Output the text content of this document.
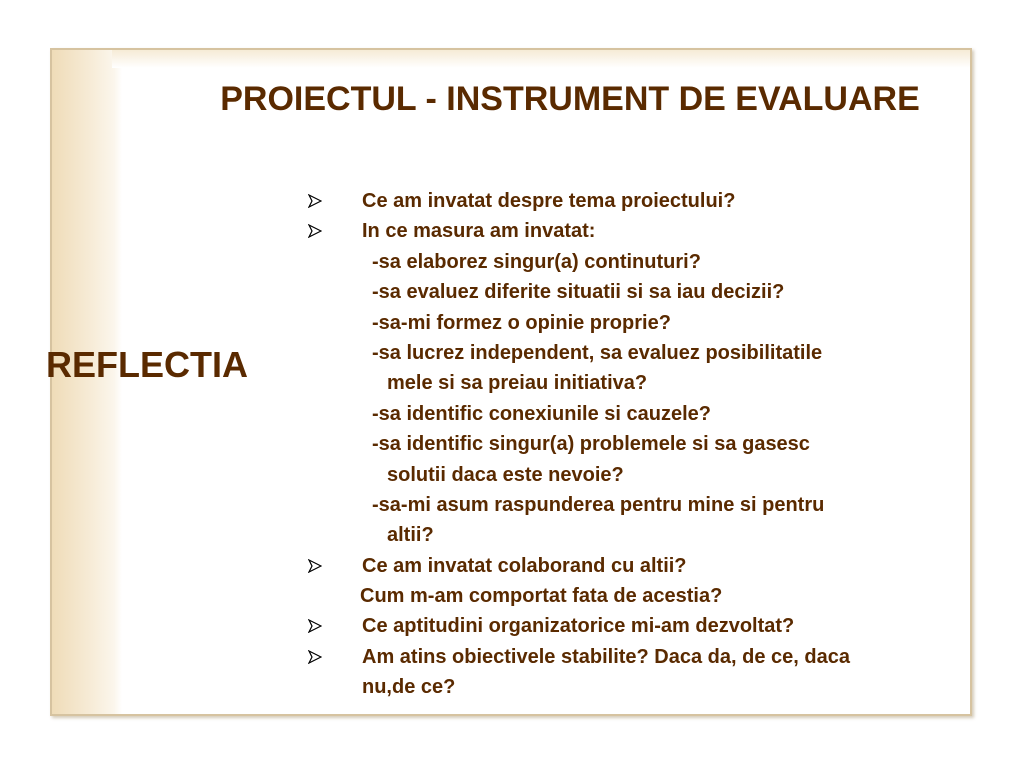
PROIECTUL - INSTRUMENT DE EVALUARE

REFLECTIA

Ce am invatat despre tema proiectului?
In ce masura am invatat:
-sa elaborez singur(a) continuturi?
-sa evaluez diferite situatii si sa iau decizii?
-sa-mi formez o opinie proprie?
-sa lucrez independent, sa evaluez posibilitatile
mele si sa preiau initiativa?
-sa identific conexiunile si cauzele?
-sa identific singur(a) problemele si sa gasesc
solutii daca este nevoie?
-sa-mi asum raspunderea pentru mine si pentru
altii?
Ce am invatat colaborand cu altii?
Cum m-am comportat fata de acestia?
Ce aptitudini organizatorice mi-am dezvoltat?
Am atins obiectivele stabilite? Daca da, de ce, daca
nu,de ce?
